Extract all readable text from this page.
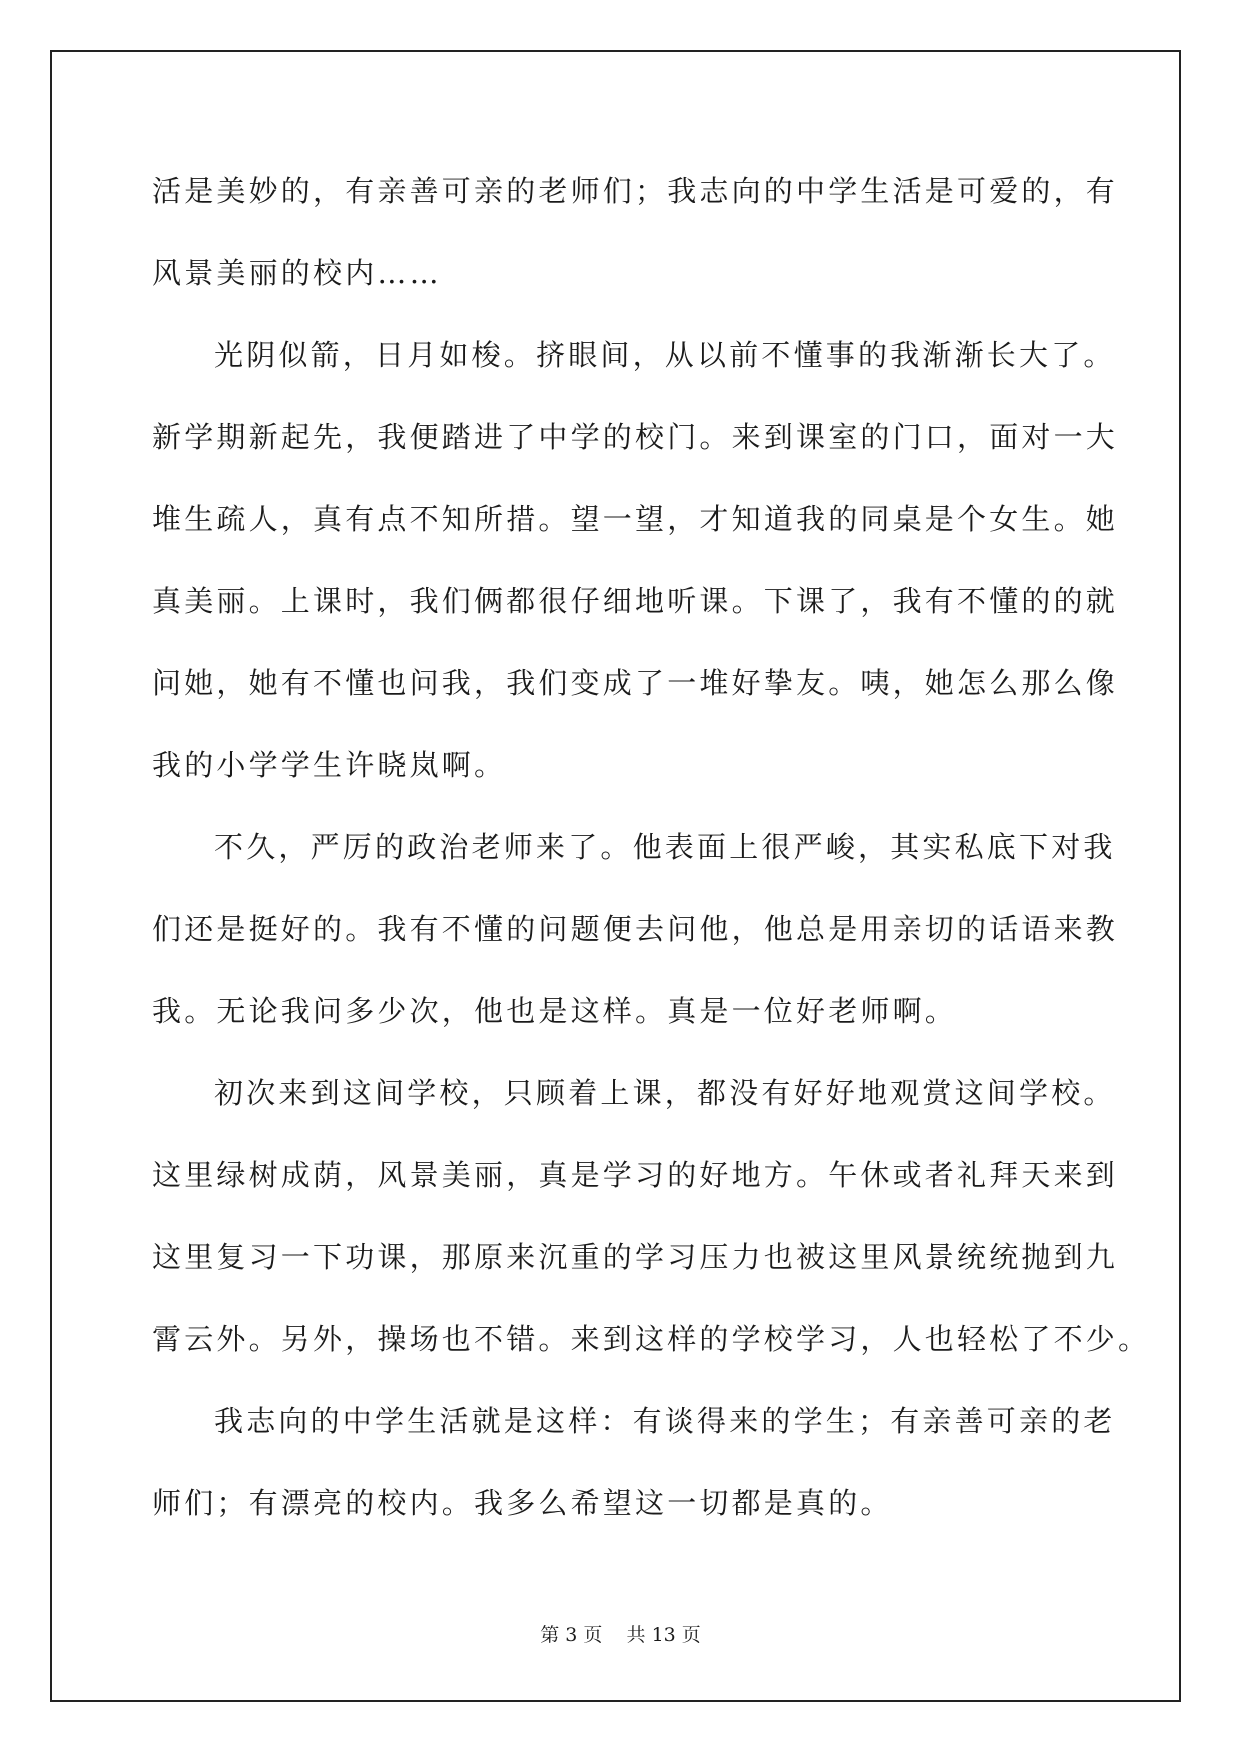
活是美妙的，有亲善可亲的老师们；我志向的中学生活是可爱的，有

风景美丽的校内……

光阴似箭，日月如梭。挤眼间，从以前不懂事的我渐渐长大了。

新学期新起先，我便踏进了中学的校门。来到课室的门口，面对一大

堆生疏人，真有点不知所措。望一望，才知道我的同桌是个女生。她

真美丽。上课时，我们俩都很仔细地听课。下课了，我有不懂的的就

问她，她有不懂也问我，我们变成了一堆好挚友。咦，她怎么那么像

我的小学学生许晓岚啊。

不久，严厉的政治老师来了。他表面上很严峻，其实私底下对我

们还是挺好的。我有不懂的问题便去问他，他总是用亲切的话语来教

我。无论我问多少次，他也是这样。真是一位好老师啊。

初次来到这间学校，只顾着上课，都没有好好地观赏这间学校。

这里绿树成荫，风景美丽，真是学习的好地方。午休或者礼拜天来到

这里复习一下功课，那原来沉重的学习压力也被这里风景统统抛到九

霄云外。另外，操场也不错。来到这样的学校学习，人也轻松了不少。

我志向的中学生活就是这样：有谈得来的学生；有亲善可亲的老

师们；有漂亮的校内。我多么希望这一切都是真的。

第 3 页    共 13 页
